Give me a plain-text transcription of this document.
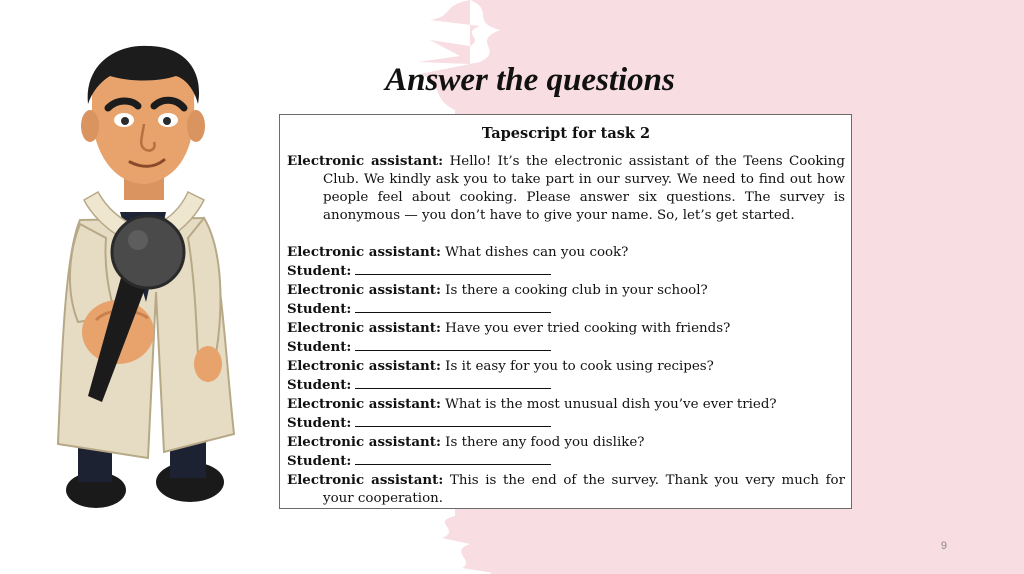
Answer the questions
Tapescript for task 2

Electronic assistant: Hello! It’s the electronic assistant of the Teens Cooking Club. We kindly ask you to take part in our survey. We need to find out how people feel about cooking. Please answer six questions. The survey is anonymous — you don’t have to give your name. So, let’s get started.

Electronic assistant: What dishes can you cook?

Student:

Electronic assistant: Is there a cooking club in your school?

Student:

Electronic assistant: Have you ever tried cooking with friends?

Student:

Electronic assistant: Is it easy for you to cook using recipes?

Student:

Electronic assistant: What is the most unusual dish you’ve ever tried?

Student:

Electronic assistant: Is there any food you dislike?

Student:

Electronic assistant: This is the end of the survey. Thank you very much for your cooperation.

9
